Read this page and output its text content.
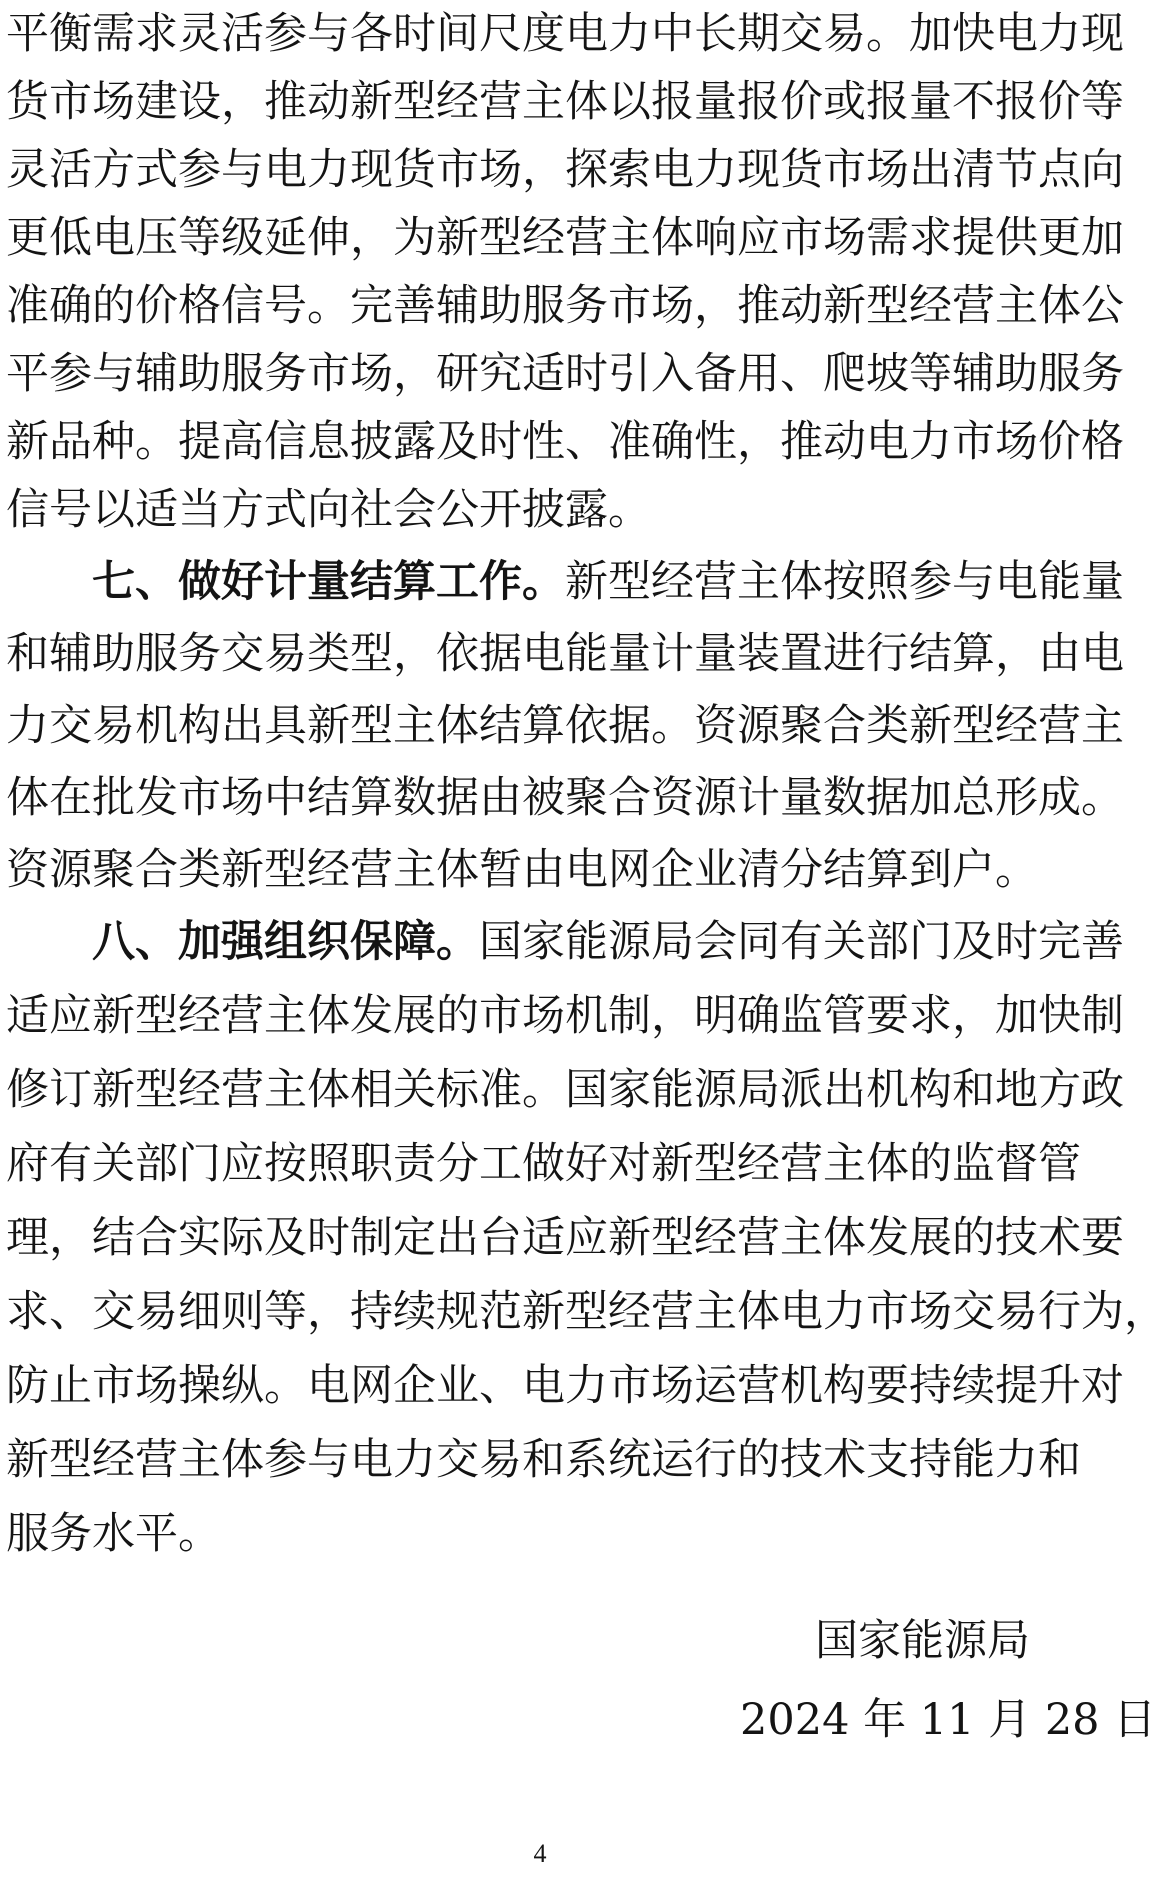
平衡需求灵活参与各时间尺度电力中长期交易。加快电力现
货市场建设，推动新型经营主体以报量报价或报量不报价等
灵活方式参与电力现货市场，探索电力现货市场出清节点向
更低电压等级延伸，为新型经营主体响应市场需求提供更加
准确的价格信号。完善辅助服务市场，推动新型经营主体公
平参与辅助服务市场，研究适时引入备用、爬坡等辅助服务
新品种。提高信息披露及时性、准确性，推动电力市场价格
信号以适当方式向社会公开披露。
七、做好计量结算工作。新型经营主体按照参与电能量
和辅助服务交易类型，依据电能量计量装置进行结算，由电
力交易机构出具新型主体结算依据。资源聚合类新型经营主
体在批发市场中结算数据由被聚合资源计量数据加总形成。
资源聚合类新型经营主体暂由电网企业清分结算到户。
八、加强组织保障。国家能源局会同有关部门及时完善
适应新型经营主体发展的市场机制，明确监管要求，加快制
修订新型经营主体相关标准。国家能源局派出机构和地方政
府有关部门应按照职责分工做好对新型经营主体的监督管
理，结合实际及时制定出台适应新型经营主体发展的技术要
求、交易细则等，持续规范新型经营主体电力市场交易行为，
防止市场操纵。电网企业、电力市场运营机构要持续提升对
新型经营主体参与电力交易和系统运行的技术支持能力和
服务水平。
国家能源局
2024 年 11 月 28 日
4
